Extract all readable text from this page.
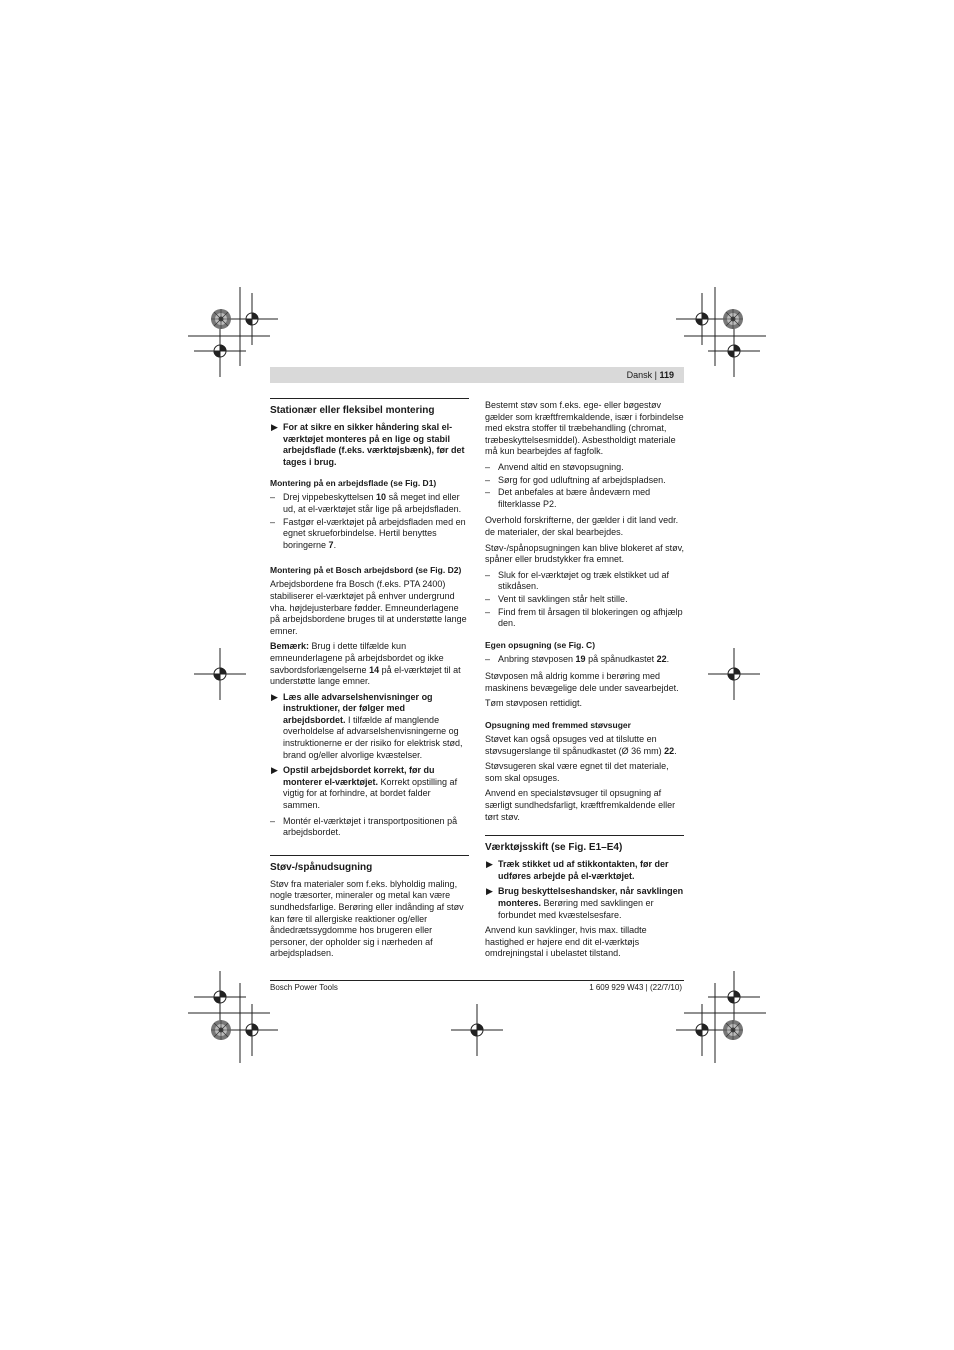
Dansk | 119
Stationær eller fleksibel montering
▶ For at sikre en sikker håndering skal el-værktøjet monteres på en lige og stabil arbejdsflade (f.eks. værktøjsbænk), før det tages i brug.
Montering på en arbejdsflade (se Fig. D1)
– Drej vippebeskyttelsen 10 så meget ind eller ud, at el-værktøjet står lige på arbejdsfladen.
– Fastgør el-værktøjet på arbejdsfladen med en egnet skrueforbindelse. Hertil benyttes boringerne 7.
Montering på et Bosch arbejdsbord (se Fig. D2)

Arbejdsbordene fra Bosch (f.eks. PTA 2400) stabiliserer el-værktøjet på enhver undergrund vha. højdejusterbare fødder. Emneunderlagene på arbejdsbordene bruges til at understøtte lange emner.

Bemærk: Brug i dette tilfælde kun emneunderlagene på arbejdsbordet og ikke savbordsforlængelserne 14 på el-værktøjet til at understøtte lange emner.

▶ Læs alle advarselshenvisninger og instruktioner, der følger med arbejdsbordet. I tilfælde af manglende overholdelse af advarselshenvisningerne og instruktionerne er der risiko for elektrisk stød, brand og/eller alvorlige kvæstelser.
▶ Opstil arbejdsbordet korrekt, før du monterer el-værktøjet. Korrekt opstilling af vigtig for at forhindre, at bordet falder sammen.
– Montér el-værktøjet i transportpositionen på arbejdsbordet.
Støv-/spånudsugning

Støv fra materialer som f.eks. blyholdig maling, nogle træsorter, mineraler og metal kan være sundhedsfarlige. Berøring eller indånding af støv kan føre til allergiske reaktioner og/eller åndedrætssygdomme hos brugeren eller personer, der opholder sig i nærheden af arbejdspladsen.

Bestemt støv som f.eks. ege- eller bøgestøv gælder som kræftfremkaldende, især i forbindelse med ekstra stoffer til træbehandling (chromat, træbeskyttelsesmiddel). Asbestholdigt materiale må kun bearbejdes af fagfolk.

– Anvend altid en støvopsugning.
– Sørg for god udluftning af arbejdspladsen.
– Det anbefales at bære åndeværn med filterklasse P2.

Overhold forskrifterne, der gælder i dit land vedr. de materialer, der skal bearbejdes.

Støv-/spånopsugningen kan blive blokeret af støv, spåner eller brudstykker fra emnet.

– Sluk for el-værktøjet og træk elstikket ud af stikdåsen.
– Vent til savklingen står helt stille.
– Find frem til årsagen til blokeringen og afhjælp den.
Egen opsugning (se Fig. C)
– Anbring støvposen 19 på spånudkastet 22.

Støvposen må aldrig komme i berøring med maskinens bevægelige dele under savearbejdet.

Tøm støvposen rettidigt.

Opsugning med fremmed støvsuger

Støvet kan også opsuges ved at tilslutte en støvsugerslange til spånudkastet (Ø 36 mm) 22.

Støvsugeren skal være egnet til det materiale, som skal opsuges.

Anvend en specialstøvsuger til opsugning af særligt sundhedsfarligt, kræftfremkaldende eller tørt støv.

Værktøjsskift (se Fig. E1–E4)
▶ Træk stikket ud af stikkontakten, før der udføres arbejde på el-værktøjet.
▶ Brug beskyttelseshandsker, når savklingen monteres. Berøring med savklingen er forbundet med kvæstelsesfare.

Anvend kun savklinger, hvis max. tilladte hastighed er højere end dit el-værktøjs omdrejningstal i ubelastet tilstand.

Bosch Power Tools	1 609 929 W43 | (22/7/10)
